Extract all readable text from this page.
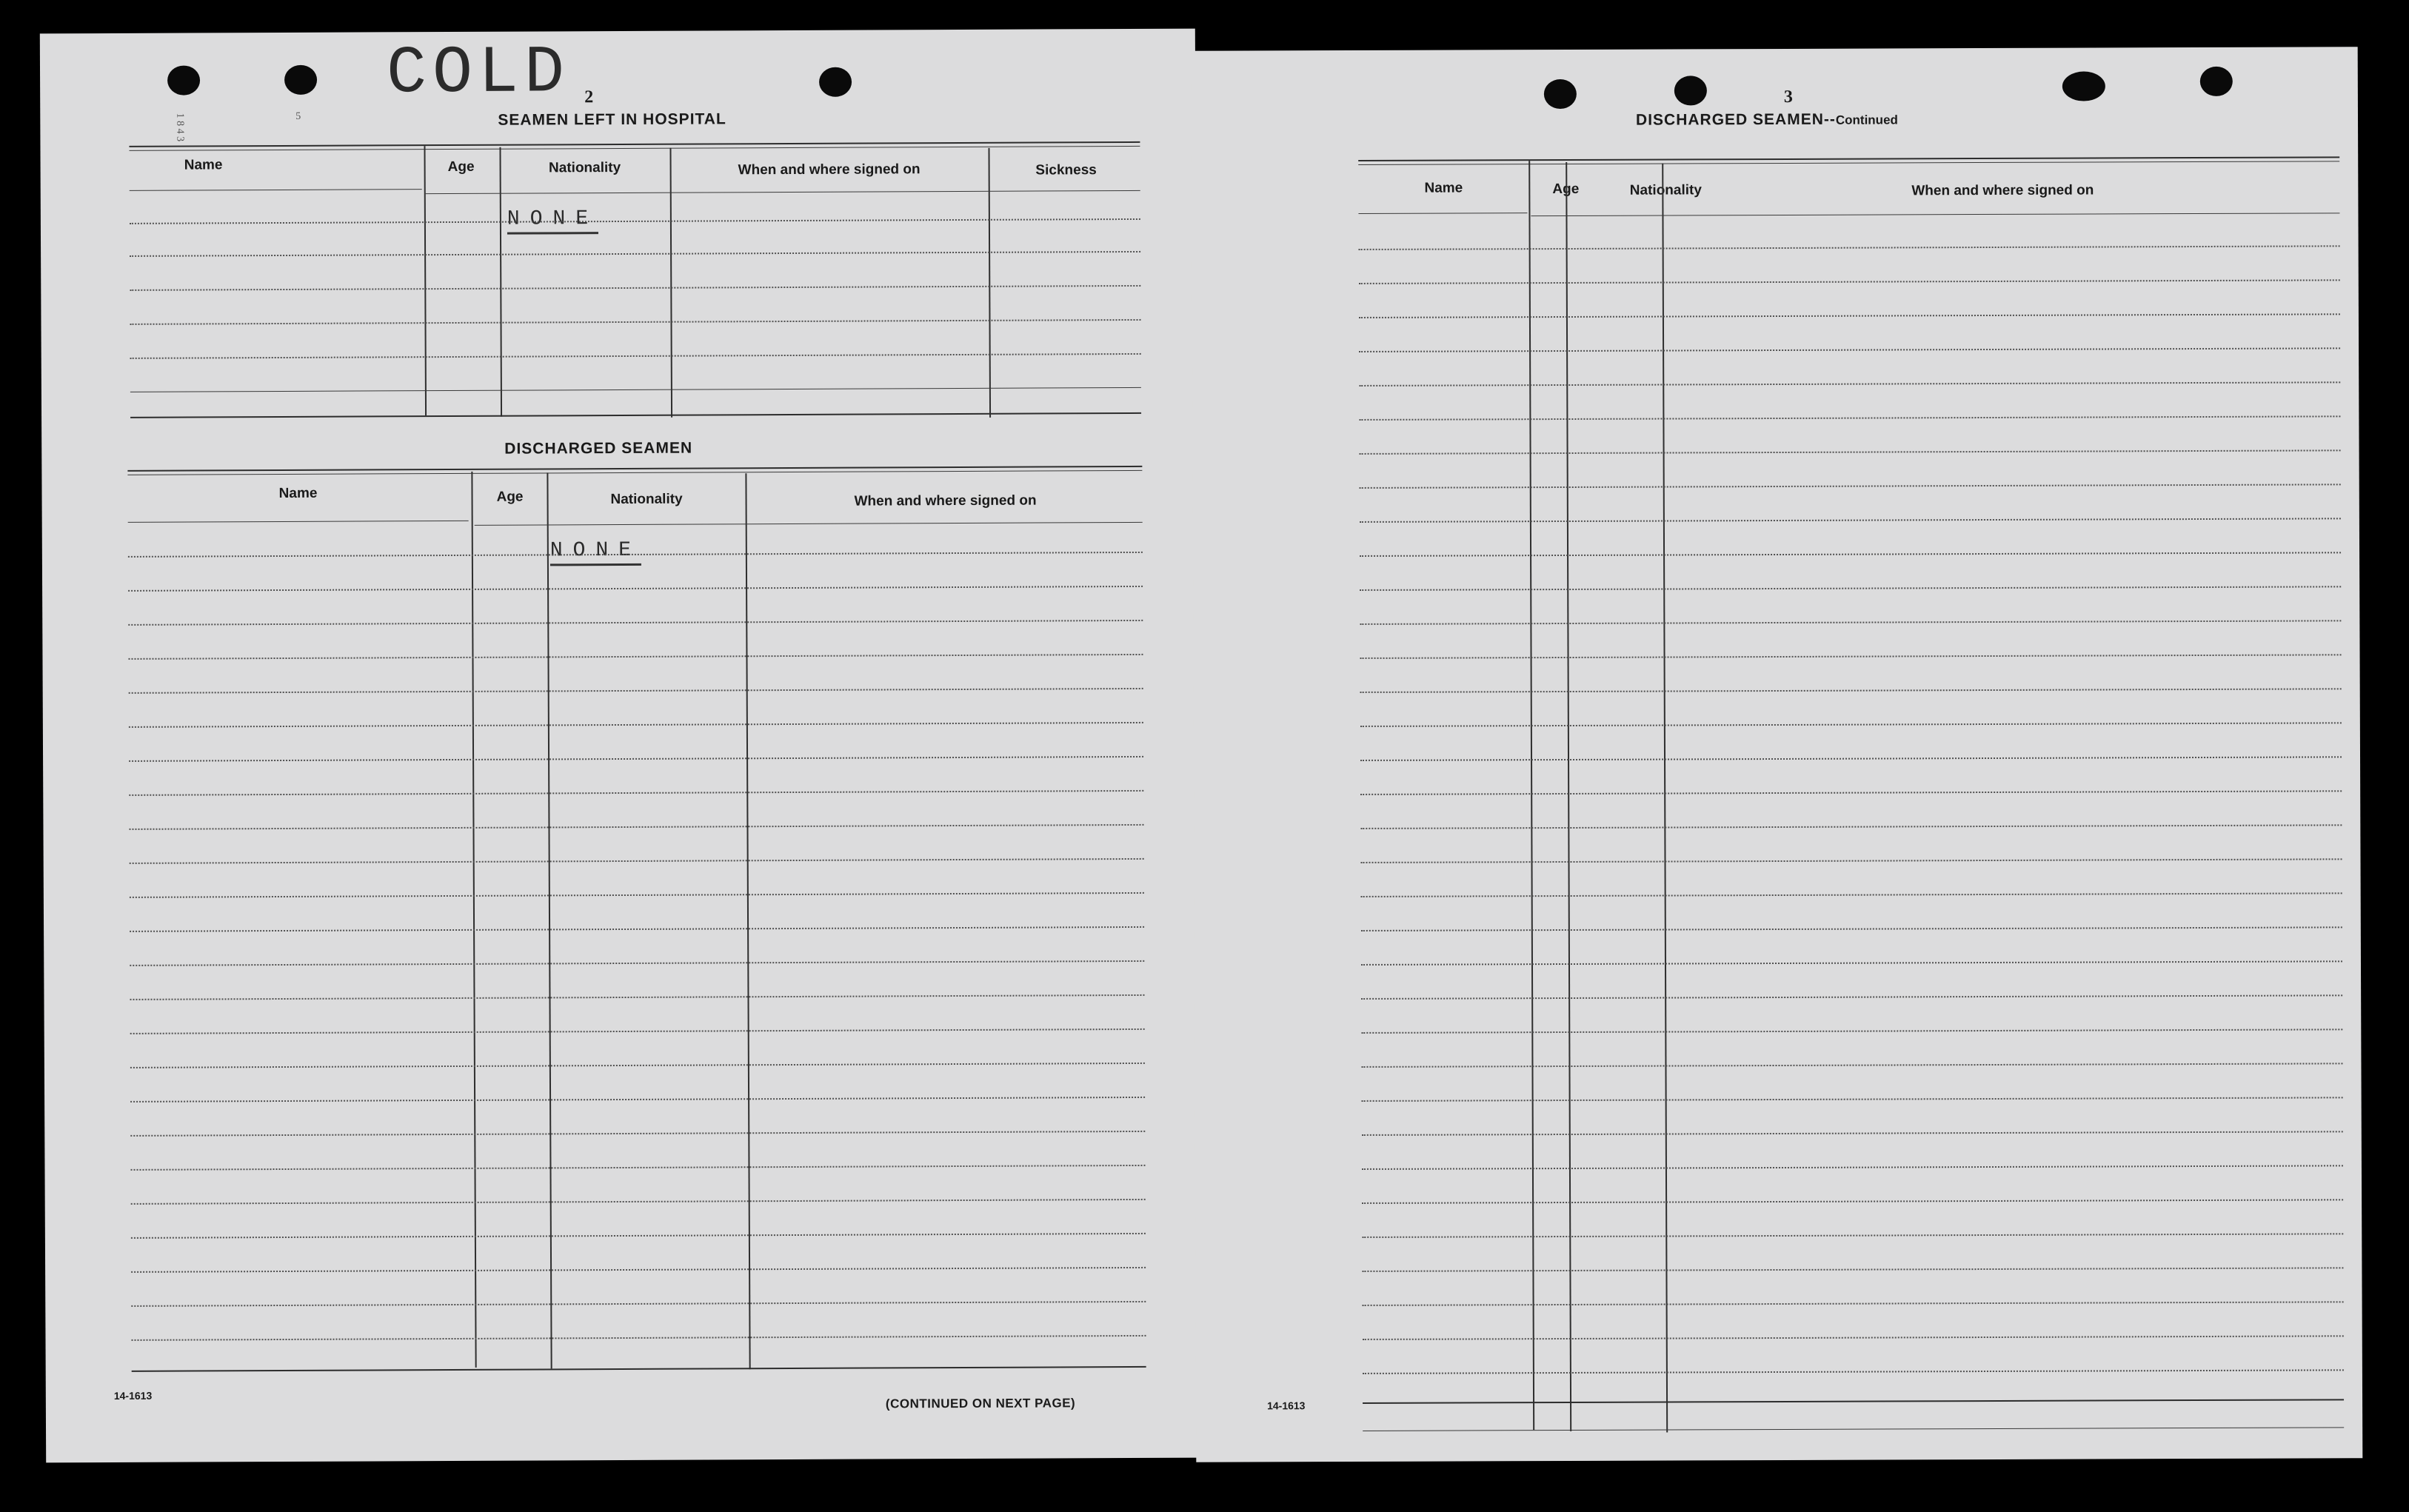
COLD
1 8 4 3	5
2
SEAMEN LEFT IN HOSPITAL
Name	Age	Nationality	When and where signed on	Sickness
NONE
DISCHARGED SEAMEN
Name	Age	Nationality	When and where signed on
NONE
14-1613
(CONTINUED ON NEXT PAGE)
3
DISCHARGED SEAMEN--Continued
Name	Age	Nationality	When and where signed on
14-1613
